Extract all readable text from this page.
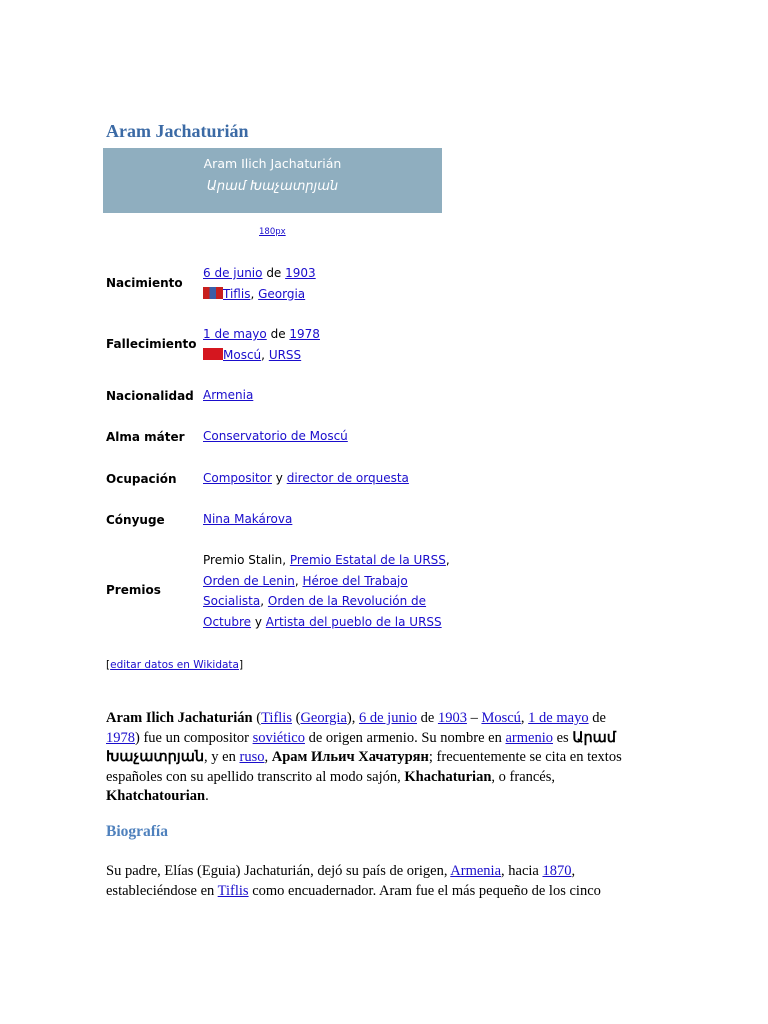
Aram Jachaturián
Aram Ilich Jachaturián
Արամ Խաչատրյան
180px
Nacimiento
6 de junio de 1903
Tiflis, Georgia
Fallecimiento
1 de mayo de 1978
Moscú, URSS
Nacionalidad Armenia
Alma máter Conservatorio de Moscú
Ocupación Compositor y director de orquesta
Cónyuge	Nina Makárova
Premios
Premio Stalin, Premio Estatal de la URSS,
Orden de Lenin, Héroe del Trabajo
Socialista, Orden de la Revolución de
Octubre y Artista del pueblo de la URSS
[editar datos en Wikidata]
Aram Ilich Jachaturián (Tiflis (Georgia), 6 de junio de 1903 – Moscú, 1 de mayo de 1978) fue un compositor soviético de origen armenio. Su nombre en armenio es Արամ Խաչատրյան, y en ruso, Арам Ильич Хачатурян; frecuentemente se cita en textos españoles con su apellido transcrito al modo sajón, Khachaturian, o francés, Khatchatourian.
Biografía
Su padre, Elías (Eguia) Jachaturián, dejó su país de origen, Armenia, hacia 1870, estableciéndose en Tiflis como encuadernador. Aram fue el más pequeño de los cinco
